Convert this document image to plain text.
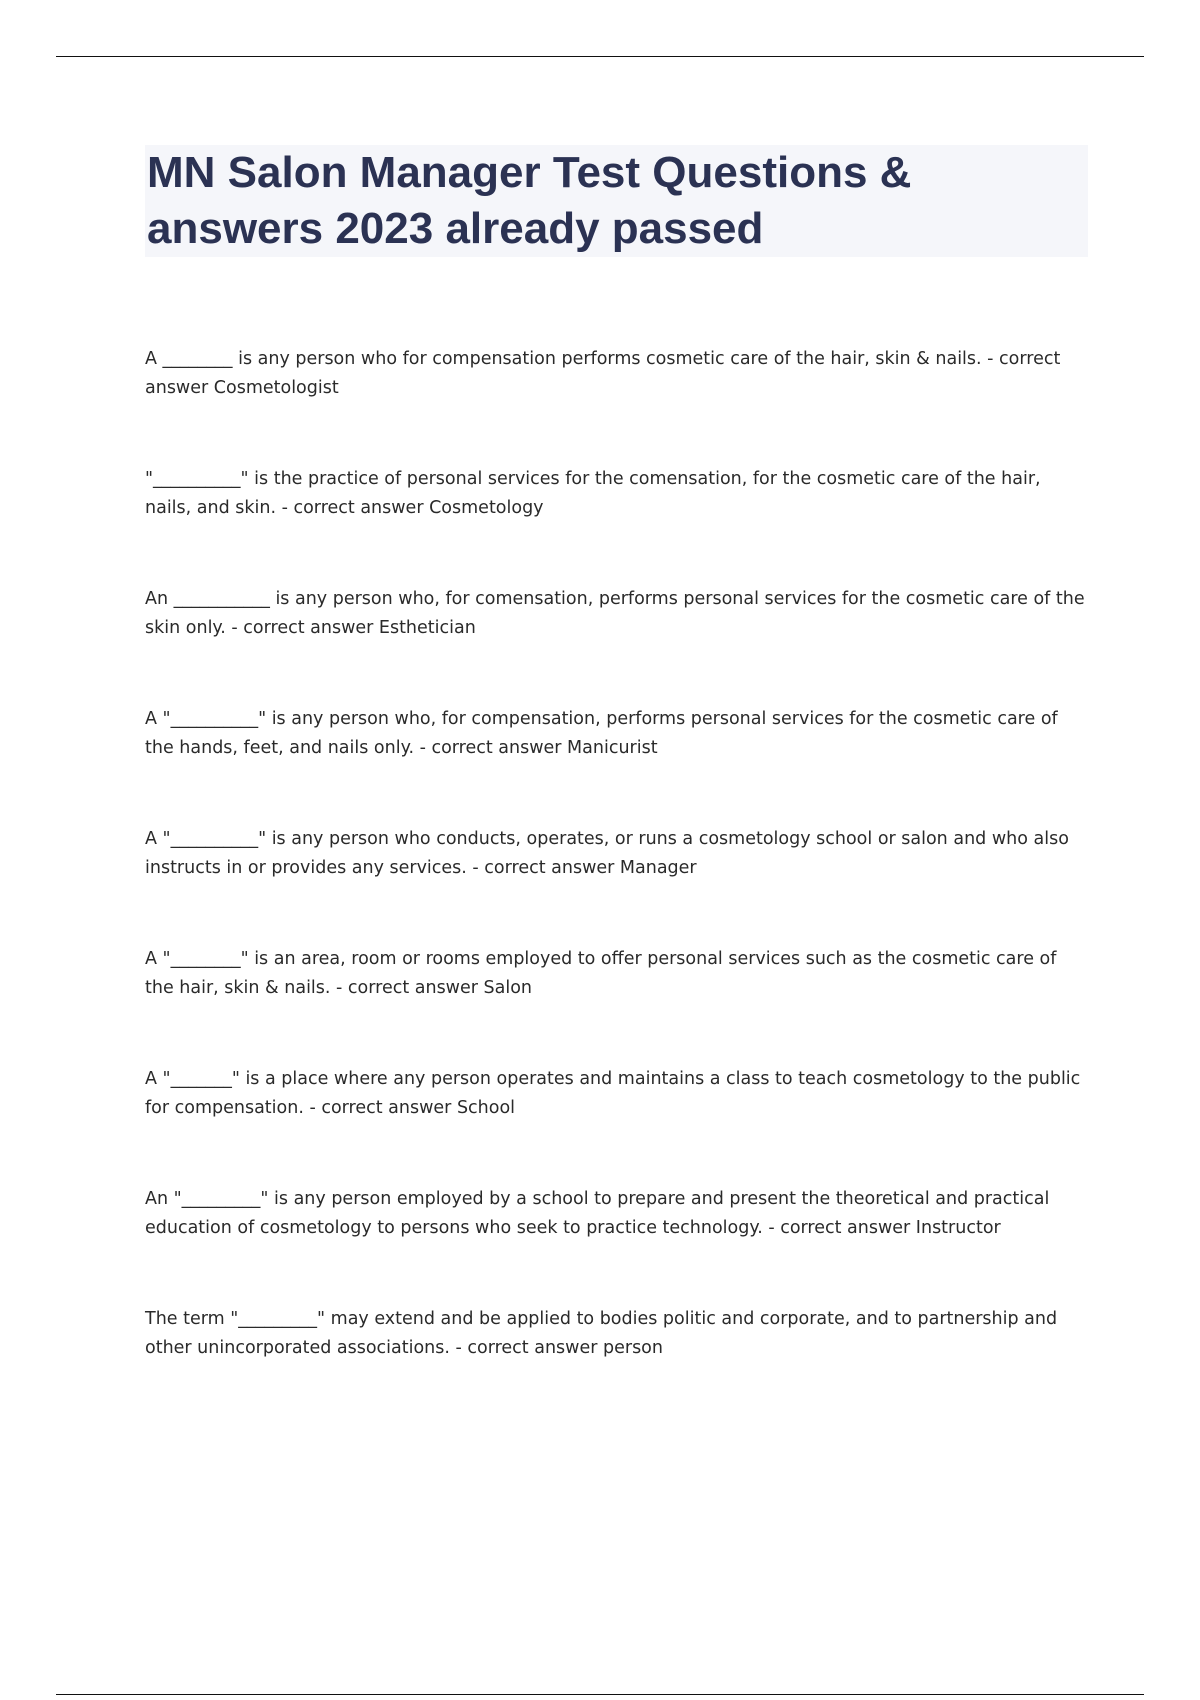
MN Salon Manager Test Questions & answers 2023 already passed

A ________ is any person who for compensation performs cosmetic care of the hair, skin & nails. - correct answer Cosmetologist

"__________" is the practice of personal services for the comensation, for the cosmetic care of the hair, nails, and skin. - correct answer Cosmetology

An ___________ is any person who, for comensation, performs personal services for the cosmetic care of the skin only. - correct answer Esthetician

A "__________" is any person who, for compensation, performs personal services for the cosmetic care of the hands, feet, and nails only. - correct answer Manicurist

A "__________" is any person who conducts, operates, or runs a cosmetology school or salon and who also instructs in or provides any services. - correct answer Manager

A "________" is an area, room or rooms employed to offer personal services such as the cosmetic care of the hair, skin & nails. - correct answer Salon

A "_______" is a place where any person operates and maintains a class to teach cosmetology to the public for compensation. - correct answer School

An "_________" is any person employed by a school to prepare and present the theoretical and practical education of cosmetology to persons who seek to practice technology. - correct answer Instructor

The term "_________" may extend and be applied to bodies politic and corporate, and to partnership and other unincorporated associations. - correct answer person
